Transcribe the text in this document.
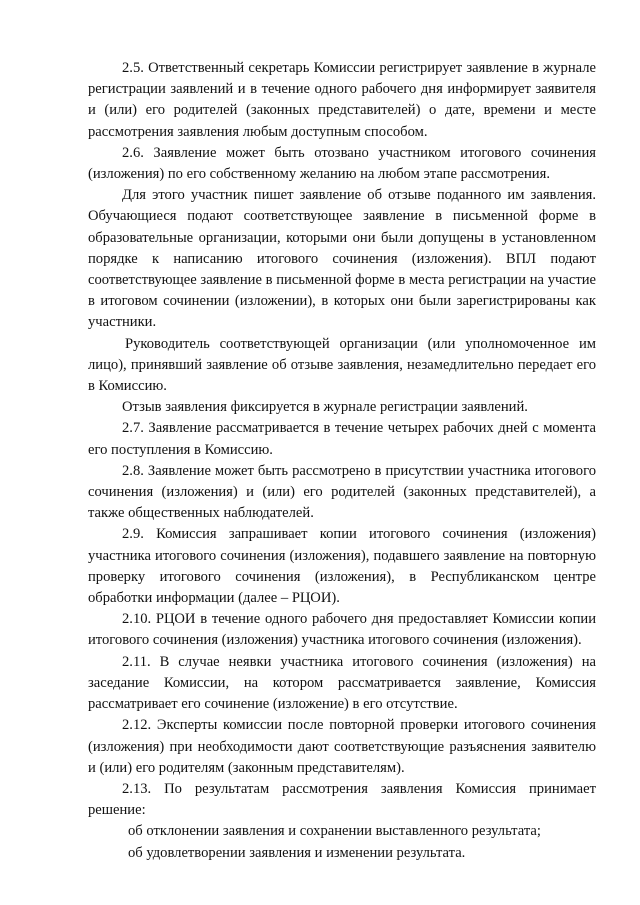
2.5. Ответственный секретарь Комиссии регистрирует заявление в журнале регистрации заявлений и в течение одного рабочего дня информирует заявителя и (или) его родителей (законных представителей) о дате, времени и месте рассмотрения заявления любым доступным способом.

2.6. Заявление может быть отозвано участником итогового сочинения (изложения) по его собственному желанию на любом этапе рассмотрения.

Для этого участник пишет заявление об отзыве поданного им заявления. Обучающиеся подают соответствующее заявление в письменной форме в образовательные организации, которыми они были допущены в установленном порядке к написанию итогового сочинения (изложения). ВПЛ подают соответствующее заявление в письменной форме в места регистрации на участие в итоговом сочинении (изложении), в которых они были зарегистрированы как участники.

Руководитель соответствующей организации (или уполномоченное им лицо), принявший заявление об отзыве заявления, незамедлительно передает его в Комиссию.

Отзыв заявления фиксируется в журнале регистрации заявлений.

2.7. Заявление рассматривается в течение четырех рабочих дней с момента его поступления в Комиссию.

2.8. Заявление может быть рассмотрено в присутствии участника итогового сочинения (изложения) и (или) его родителей (законных представителей), а также общественных наблюдателей.

2.9. Комиссия запрашивает копии итогового сочинения (изложения) участника итогового сочинения (изложения), подавшего заявление на повторную проверку итогового сочинения (изложения), в Республиканском центре обработки информации (далее – РЦОИ).

2.10. РЦОИ в течение одного рабочего дня предоставляет Комиссии копии итогового сочинения (изложения) участника итогового сочинения (изложения).

2.11. В случае неявки участника итогового сочинения (изложения) на заседание Комиссии, на котором рассматривается заявление, Комиссия рассматривает его сочинение (изложение) в его отсутствие.

2.12. Эксперты комиссии после повторной проверки итогового сочинения (изложения) при необходимости дают соответствующие разъяснения заявителю и (или) его родителям (законным представителям).

2.13. По результатам рассмотрения заявления Комиссия принимает решение:

об отклонении заявления и сохранении выставленного результата;

об удовлетворении заявления и изменении результата.
